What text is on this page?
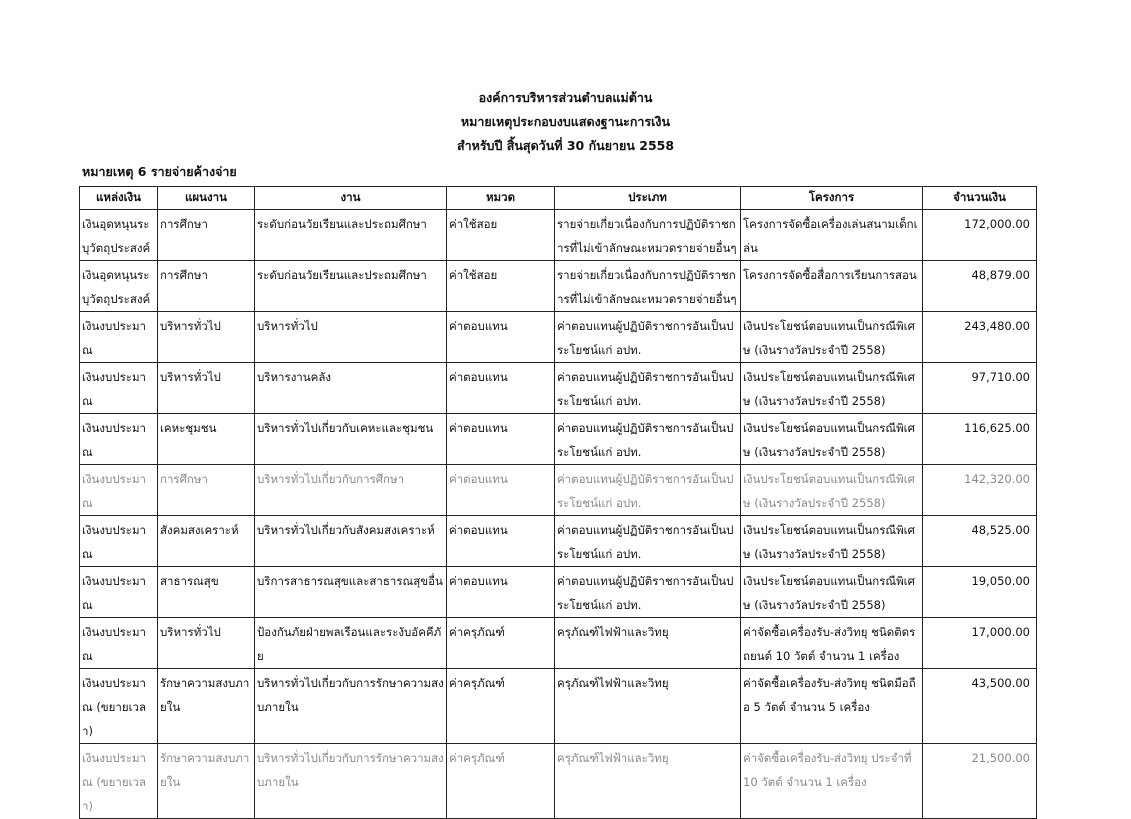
องค์การบริหารส่วนตำบลแม่ต้าน
หมายเหตุประกอบงบแสดงฐานะการเงิน
สำหรับปี สิ้นสุดวันที่ 30 กันยายน 2558
หมายเหตุ 6 รายจ่ายค้างจ่าย
แหล่งเงิน	แผนงาน	งาน	หมวด	ประเภท	โครงการ	จำนวนเงิน
เงินอุดหนุนระบุวัตถุประสงค์	การศึกษา	ระดับก่อนวัยเรียนและประถมศึกษา	ค่าใช้สอย	รายจ่ายเกี่ยวเนื่องกับการปฏิบัติราชการที่ไม่เข้าลักษณะหมวดรายจ่ายอื่นๆ	โครงการจัดซื้อเครื่องเล่นสนามเด็กเล่น	172,000.00
เงินอุดหนุนระบุวัตถุประสงค์	การศึกษา	ระดับก่อนวัยเรียนและประถมศึกษา	ค่าใช้สอย	รายจ่ายเกี่ยวเนื่องกับการปฏิบัติราชการที่ไม่เข้าลักษณะหมวดรายจ่ายอื่นๆ	โครงการจัดซื้อสื่อการเรียนการสอน	48,879.00
เงินงบประมาณ	บริหารทั่วไป	บริหารทั่วไป	ค่าตอบแทน	ค่าตอบแทนผู้ปฏิบัติราชการอันเป็นประโยชน์แก่ อปท.	เงินประโยชน์ตอบแทนเป็นกรณีพิเศษ (เงินรางวัลประจำปี 2558)	243,480.00
เงินงบประมาณ	บริหารทั่วไป	บริหารงานคลัง	ค่าตอบแทน	ค่าตอบแทนผู้ปฏิบัติราชการอันเป็นประโยชน์แก่ อปท.	เงินประโยชน์ตอบแทนเป็นกรณีพิเศษ (เงินรางวัลประจำปี 2558)	97,710.00
เงินงบประมาณ	เคหะชุมชน	บริหารทั่วไปเกี่ยวกับเคหะและชุมชน	ค่าตอบแทน	ค่าตอบแทนผู้ปฏิบัติราชการอันเป็นประโยชน์แก่ อปท.	เงินประโยชน์ตอบแทนเป็นกรณีพิเศษ (เงินรางวัลประจำปี 2558)	116,625.00
เงินงบประมาณ	การศึกษา	บริหารทั่วไปเกี่ยวกับการศึกษา	ค่าตอบแทน	ค่าตอบแทนผู้ปฏิบัติราชการอันเป็นประโยชน์แก่ อปท.	เงินประโยชน์ตอบแทนเป็นกรณีพิเศษ (เงินรางวัลประจำปี 2558)	142,320.00
เงินงบประมาณ	สังคมสงเคราะห์	บริหารทั่วไปเกี่ยวกับสังคมสงเคราะห์	ค่าตอบแทน	ค่าตอบแทนผู้ปฏิบัติราชการอันเป็นประโยชน์แก่ อปท.	เงินประโยชน์ตอบแทนเป็นกรณีพิเศษ (เงินรางวัลประจำปี 2558)	48,525.00
เงินงบประมาณ	สาธารณสุข	บริการสาธารณสุขและสาธารณสุขอื่น	ค่าตอบแทน	ค่าตอบแทนผู้ปฏิบัติราชการอันเป็นประโยชน์แก่ อปท.	เงินประโยชน์ตอบแทนเป็นกรณีพิเศษ (เงินรางวัลประจำปี 2558)	19,050.00
เงินงบประมาณ	บริหารทั่วไป	ป้องกันภัยฝ่ายพลเรือนและระงับอัคคีภัย	ค่าครุภัณฑ์	ครุภัณฑ์ไฟฟ้าและวิทยุ	ค่าจัดซื้อเครื่องรับ-ส่งวิทยุ ชนิดติดรถยนต์ 10 วัตต์ จำนวน 1 เครื่อง	17,000.00
เงินงบประมาณ (ขยายเวลา)	รักษาความสงบภายใน	บริหารทั่วไปเกี่ยวกับการรักษาความสงบภายใน	ค่าครุภัณฑ์	ครุภัณฑ์ไฟฟ้าและวิทยุ	ค่าจัดซื้อเครื่องรับ-ส่งวิทยุ ชนิดมือถือ 5 วัตต์ จำนวน 5 เครื่อง	43,500.00
เงินงบประมาณ (ขยายเวลา)	รักษาความสงบภายใน	บริหารทั่วไปเกี่ยวกับการรักษาความสงบภายใน	ค่าครุภัณฑ์	ครุภัณฑ์ไฟฟ้าและวิทยุ	ค่าจัดซื้อเครื่องรับ-ส่งวิทยุ ประจำที่ 10 วัตต์ จำนวน 1 เครื่อง	21,500.00
